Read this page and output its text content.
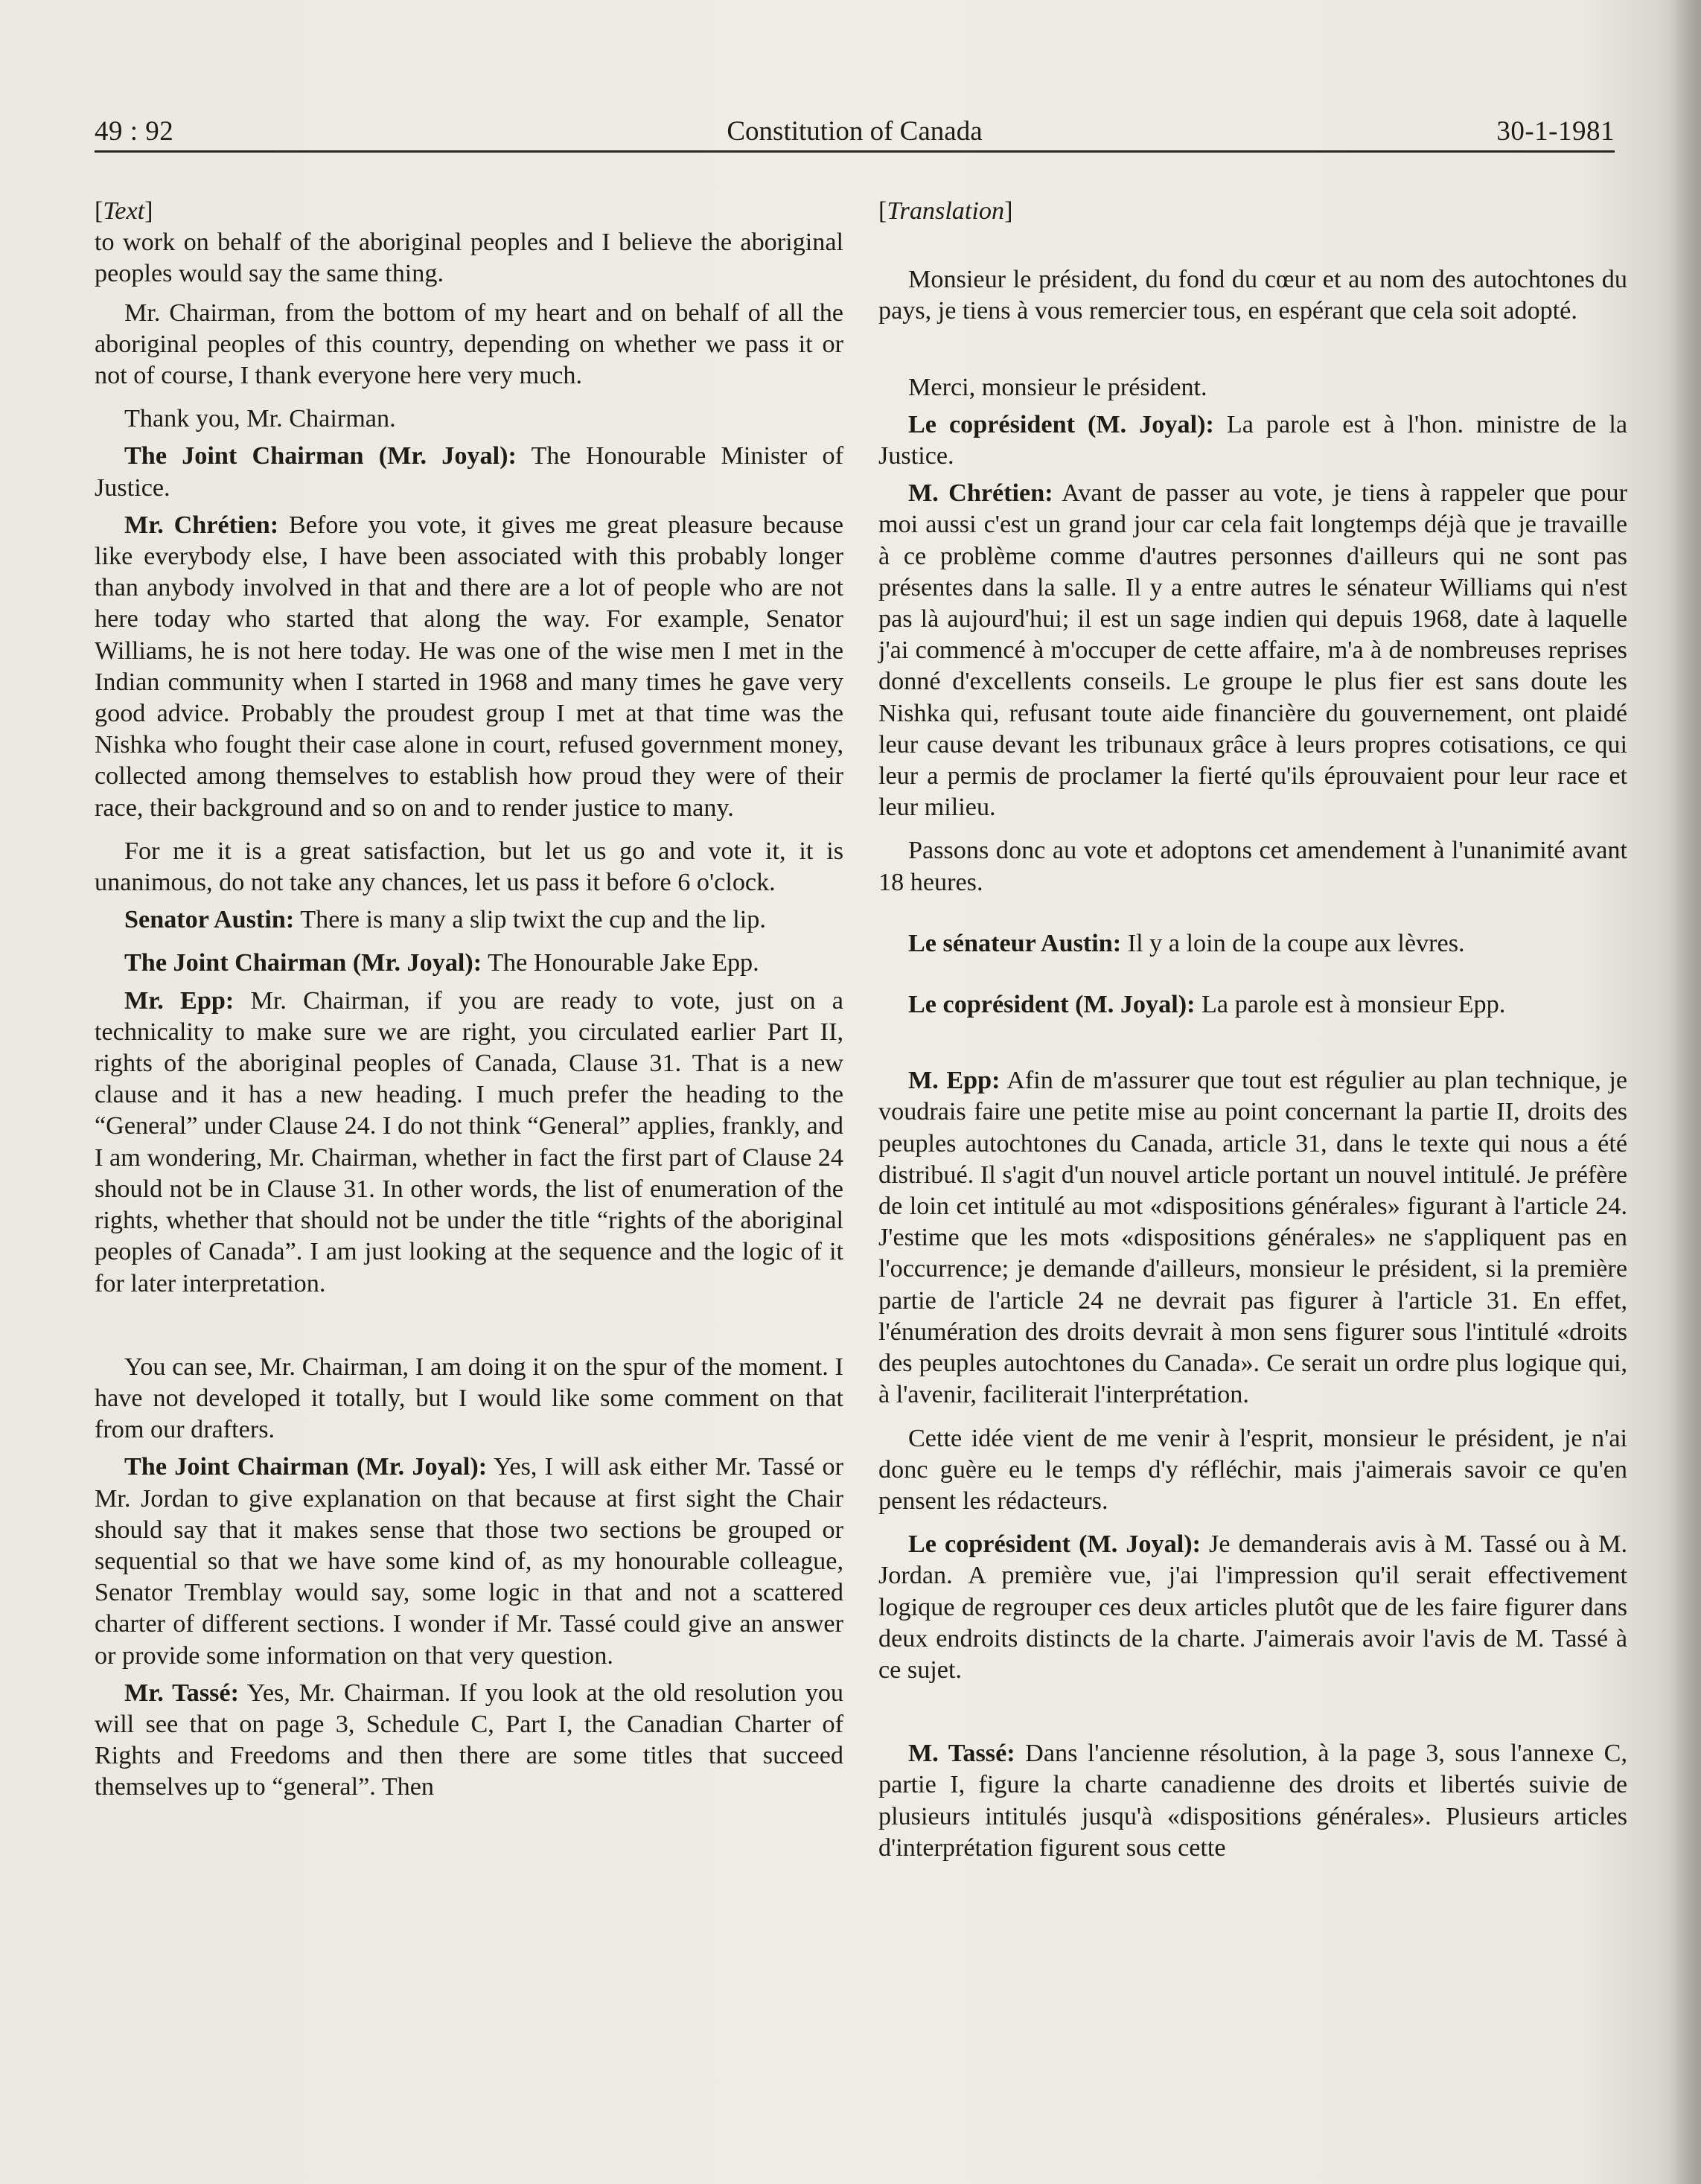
49 : 92	Constitution of Canada	30-1-1981
[Text]

to work on behalf of the aboriginal peoples and I believe the aboriginal peoples would say the same thing.

Mr. Chairman, from the bottom of my heart and on behalf of all the aboriginal peoples of this country, depending on whether we pass it or not of course, I thank everyone here very much.

Thank you, Mr. Chairman.

The Joint Chairman (Mr. Joyal): The Honourable Minister of Justice.

Mr. Chrétien: Before you vote, it gives me great pleasure because like everybody else, I have been associated with this probably longer than anybody involved in that and there are a lot of people who are not here today who started that along the way. For example, Senator Williams, he is not here today. He was one of the wise men I met in the Indian community when I started in 1968 and many times he gave very good advice. Probably the proudest group I met at that time was the Nishka who fought their case alone in court, refused government money, collected among themselves to establish how proud they were of their race, their background and so on and to render justice to many.

For me it is a great satisfaction, but let us go and vote it, it is unanimous, do not take any chances, let us pass it before 6 o'clock.

Senator Austin: There is many a slip twixt the cup and the lip.

The Joint Chairman (Mr. Joyal): The Honourable Jake Epp.

Mr. Epp: Mr. Chairman, if you are ready to vote, just on a technicality to make sure we are right, you circulated earlier Part II, rights of the aboriginal peoples of Canada, Clause 31. That is a new clause and it has a new heading. I much prefer the heading to the “General” under Clause 24. I do not think “General” applies, frankly, and I am wondering, Mr. Chairman, whether in fact the first part of Clause 24 should not be in Clause 31. In other words, the list of enumeration of the rights, whether that should not be under the title “rights of the aboriginal peoples of Canada”. I am just looking at the sequence and the logic of it for later interpretation.

You can see, Mr. Chairman, I am doing it on the spur of the moment. I have not developed it totally, but I would like some comment on that from our drafters.

The Joint Chairman (Mr. Joyal): Yes, I will ask either Mr. Tassé or Mr. Jordan to give explanation on that because at first sight the Chair should say that it makes sense that those two sections be grouped or sequential so that we have some kind of, as my honourable colleague, Senator Tremblay would say, some logic in that and not a scattered charter of different sections. I wonder if Mr. Tassé could give an answer or provide some information on that very question.

Mr. Tassé: Yes, Mr. Chairman. If you look at the old resolution you will see that on page 3, Schedule C, Part I, the Canadian Charter of Rights and Freedoms and then there are some titles that succeed themselves up to “general”. Then

[Translation]

Monsieur le président, du fond du cœur et au nom des autochtones du pays, je tiens à vous remercier tous, en espérant que cela soit adopté.

Merci, monsieur le président.

Le coprésident (M. Joyal): La parole est à l'hon. ministre de la Justice.

M. Chrétien: Avant de passer au vote, je tiens à rappeler que pour moi aussi c'est un grand jour car cela fait longtemps déjà que je travaille à ce problème comme d'autres personnes d'ailleurs qui ne sont pas présentes dans la salle. Il y a entre autres le sénateur Williams qui n'est pas là aujourd'hui; il est un sage indien qui depuis 1968, date à laquelle j'ai commencé à m'occuper de cette affaire, m'a à de nombreuses reprises donné d'excellents conseils. Le groupe le plus fier est sans doute les Nishka qui, refusant toute aide financière du gouvernement, ont plaidé leur cause devant les tribunaux grâce à leurs propres cotisations, ce qui leur a permis de proclamer la fierté qu'ils éprouvaient pour leur race et leur milieu.

Passons donc au vote et adoptons cet amendement à l'unanimité avant 18 heures.

Le sénateur Austin: Il y a loin de la coupe aux lèvres.

Le coprésident (M. Joyal): La parole est à monsieur Epp.

M. Epp: Afin de m'assurer que tout est régulier au plan technique, je voudrais faire une petite mise au point concernant la partie II, droits des peuples autochtones du Canada, article 31, dans le texte qui nous a été distribué. Il s'agit d'un nouvel article portant un nouvel intitulé. Je préfère de loin cet intitulé au mot «dispositions générales» figurant à l'article 24. J'estime que les mots «dispositions générales» ne s'appliquent pas en l'occurrence; je demande d'ailleurs, monsieur le président, si la première partie de l'article 24 ne devrait pas figurer à l'article 31. En effet, l'énumération des droits devrait à mon sens figurer sous l'intitulé «droits des peuples autochtones du Canada». Ce serait un ordre plus logique qui, à l'avenir, faciliterait l'interprétation.

Cette idée vient de me venir à l'esprit, monsieur le président, je n'ai donc guère eu le temps d'y réfléchir, mais j'aimerais savoir ce qu'en pensent les rédacteurs.

Le coprésident (M. Joyal): Je demanderais avis à M. Tassé ou à M. Jordan. A première vue, j'ai l'impression qu'il serait effectivement logique de regrouper ces deux articles plutôt que de les faire figurer dans deux endroits distincts de la charte. J'aimerais avoir l'avis de M. Tassé à ce sujet.

M. Tassé: Dans l'ancienne résolution, à la page 3, sous l'annexe C, partie I, figure la charte canadienne des droits et libertés suivie de plusieurs intitulés jusqu'à «dispositions générales». Plusieurs articles d'interprétation figurent sous cette
